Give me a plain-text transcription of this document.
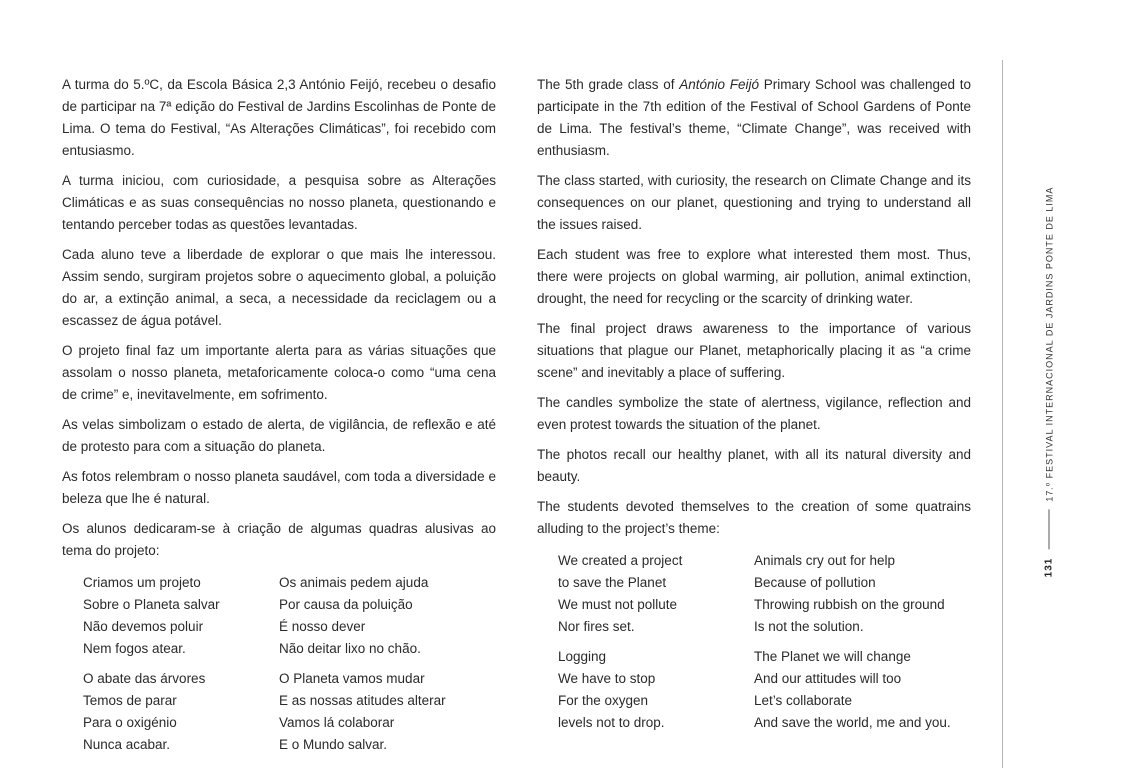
A turma do 5.ºC, da Escola Básica 2,3 António Feijó, recebeu o desafio de participar na 7ª edição do Festival de Jardins Escolinhas de Ponte de Lima. O tema do Festival, “As Alterações Climáticas”, foi recebido com entusiasmo.

A turma iniciou, com curiosidade, a pesquisa sobre as Alterações Climáticas e as suas consequências no nosso planeta, questionando e tentando perceber todas as questões levantadas.

Cada aluno teve a liberdade de explorar o que mais lhe interessou. Assim sendo, surgiram projetos sobre o aquecimento global, a poluição do ar, a extinção animal, a seca, a necessidade da reciclagem ou a escassez de água potável.

O projeto final faz um importante alerta para as várias situações que assolam o nosso planeta, metaforicamente coloca-o como “uma cena de crime” e, inevitavelmente, em sofrimento.

As velas simbolizam o estado de alerta, de vigilância, de reflexão e até de protesto para com a situação do planeta.

As fotos relembram o nosso planeta saudável, com toda a diversidade e beleza que lhe é natural.

Os alunos dedicaram-se à criação de algumas quadras alusivas ao tema do projeto:

Criamos um projeto
Sobre o Planeta salvar
Não devemos poluir
Nem fogos atear.
Os animais pedem ajuda
Por causa da poluição
É nosso dever
Não deitar lixo no chão.
O abate das árvores
Temos de parar
Para o oxigénio
Nunca acabar.
O Planeta vamos mudar
E as nossas atitudes alterar
Vamos lá colaborar
E o Mundo salvar.

The 5th grade class of António Feijó Primary School was challenged to participate in the 7th edition of the Festival of School Gardens of Ponte de Lima. The festival’s theme, “Climate Change”, was received with enthusiasm.

The class started, with curiosity, the research on Climate Change and its consequences on our planet, questioning and trying to understand all the issues raised.

Each student was free to explore what interested them most. Thus, there were projects on global warming, air pollution, animal extinction, drought, the need for recycling or the scarcity of drinking water.

The final project draws awareness to the importance of various situations that plague our Planet, metaphorically placing it as “a crime scene” and inevitably a place of suffering.

The candles symbolize the state of alertness, vigilance, reflection and even protest towards the situation of the planet.

The photos recall our healthy planet, with all its natural diversity and beauty.

The students devoted themselves to the creation of some quatrains alluding to the project’s theme:

We created a project
to save the Planet
We must not pollute
Nor fires set.
Animals cry out for help
Because of pollution
Throwing rubbish on the ground
Is not the solution.
Logging
We have to stop
For the oxygen
levels not to drop.
The Planet we will change
And our attitudes will too
Let’s collaborate
And save the world, me and you.
131
17.º FESTIVAL INTERNACIONAL DE JARDINS PONTE DE LIMA
